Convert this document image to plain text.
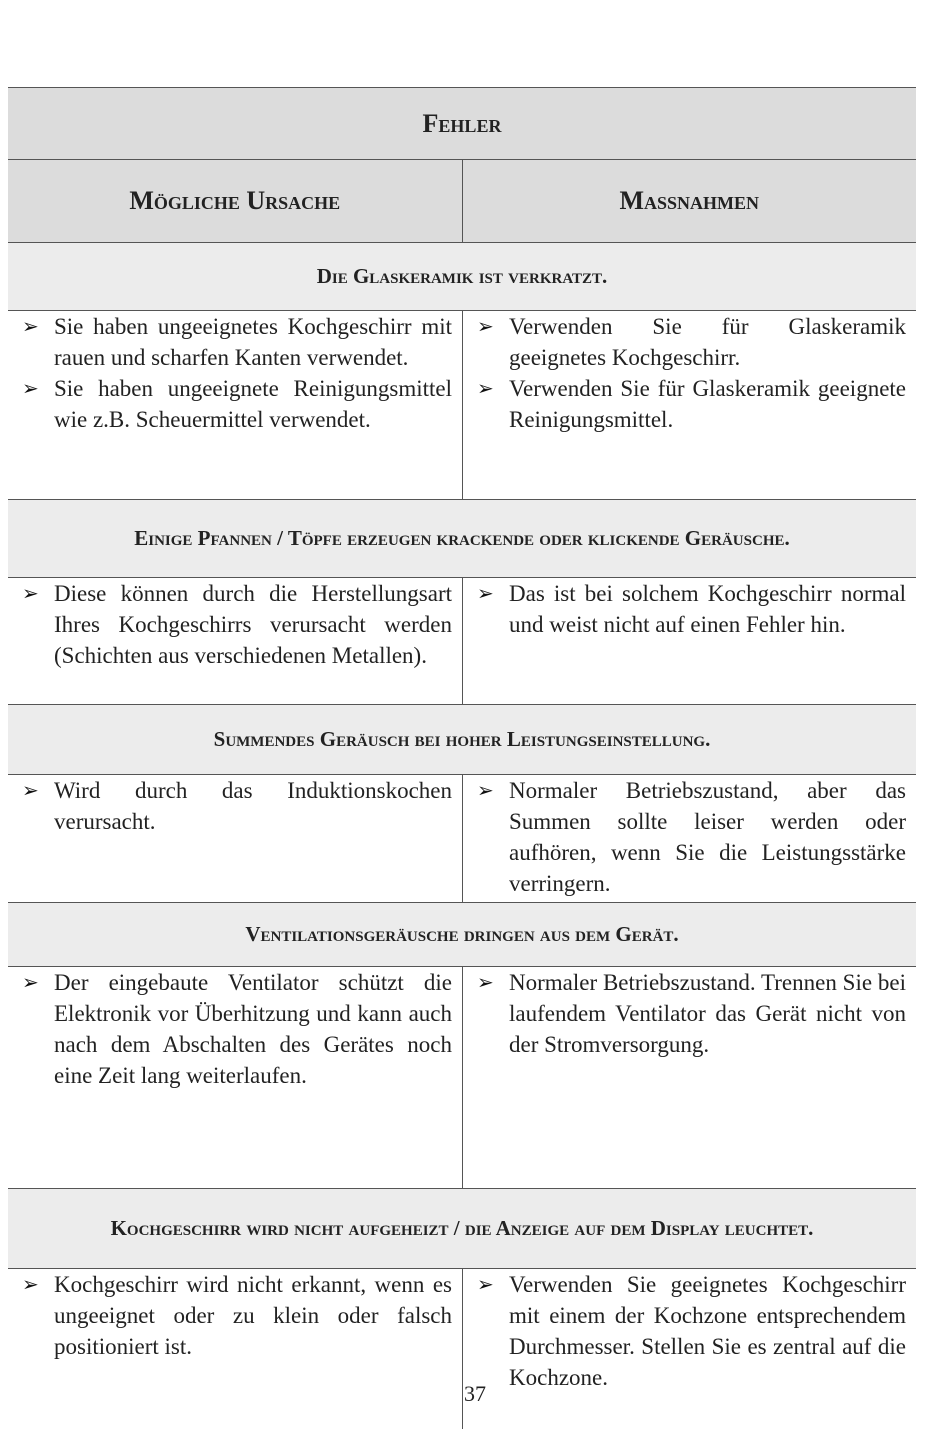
Fehler
Mögliche Ursache	Maßnahmen
Die Glaskeramik ist verkratzt.
➢ Sie haben ungeeignetes Kochgeschirr mit rauen und scharfen Kanten verwendet.
➢ Sie haben ungeeignete Reinigungsmittel wie z.B. Scheuermittel verwendet.
➢ Verwenden Sie für Glaskeramik geeignetes Kochgeschirr.
➢ Verwenden Sie für Glaskeramik geeignete Reinigungsmittel.
Einige Pfannen / Töpfe erzeugen krackende oder klickende Geräusche.
➢ Diese können durch die Herstellungsart Ihres Kochgeschirrs verursacht werden (Schichten aus verschiedenen Metallen).
➢ Das ist bei solchem Kochgeschirr normal und weist nicht auf einen Fehler hin.
Summendes Geräusch bei hoher Leistungseinstellung.
➢ Wird durch das Induktionskochen verursacht.
➢ Normaler Betriebszustand, aber das Summen sollte leiser werden oder aufhören, wenn Sie die Leistungsstärke verringern.
Ventilationsgeräusche dringen aus dem Gerät.
➢ Der eingebaute Ventilator schützt die Elektronik vor Überhitzung und kann auch nach dem Abschalten des Gerätes noch eine Zeit lang weiterlaufen.
➢ Normaler Betriebszustand. Trennen Sie bei laufendem Ventilator das Gerät nicht von der Stromversorgung.
Kochgeschirr wird nicht aufgeheizt / die Anzeige auf dem Display leuchtet.
➢ Kochgeschirr wird nicht erkannt, wenn es ungeeignet oder zu klein oder falsch positioniert ist.
➢ Verwenden Sie geeignetes Kochgeschirr mit einem der Kochzone entsprechendem Durchmesser. Stellen Sie es zentral auf die Kochzone.
37
